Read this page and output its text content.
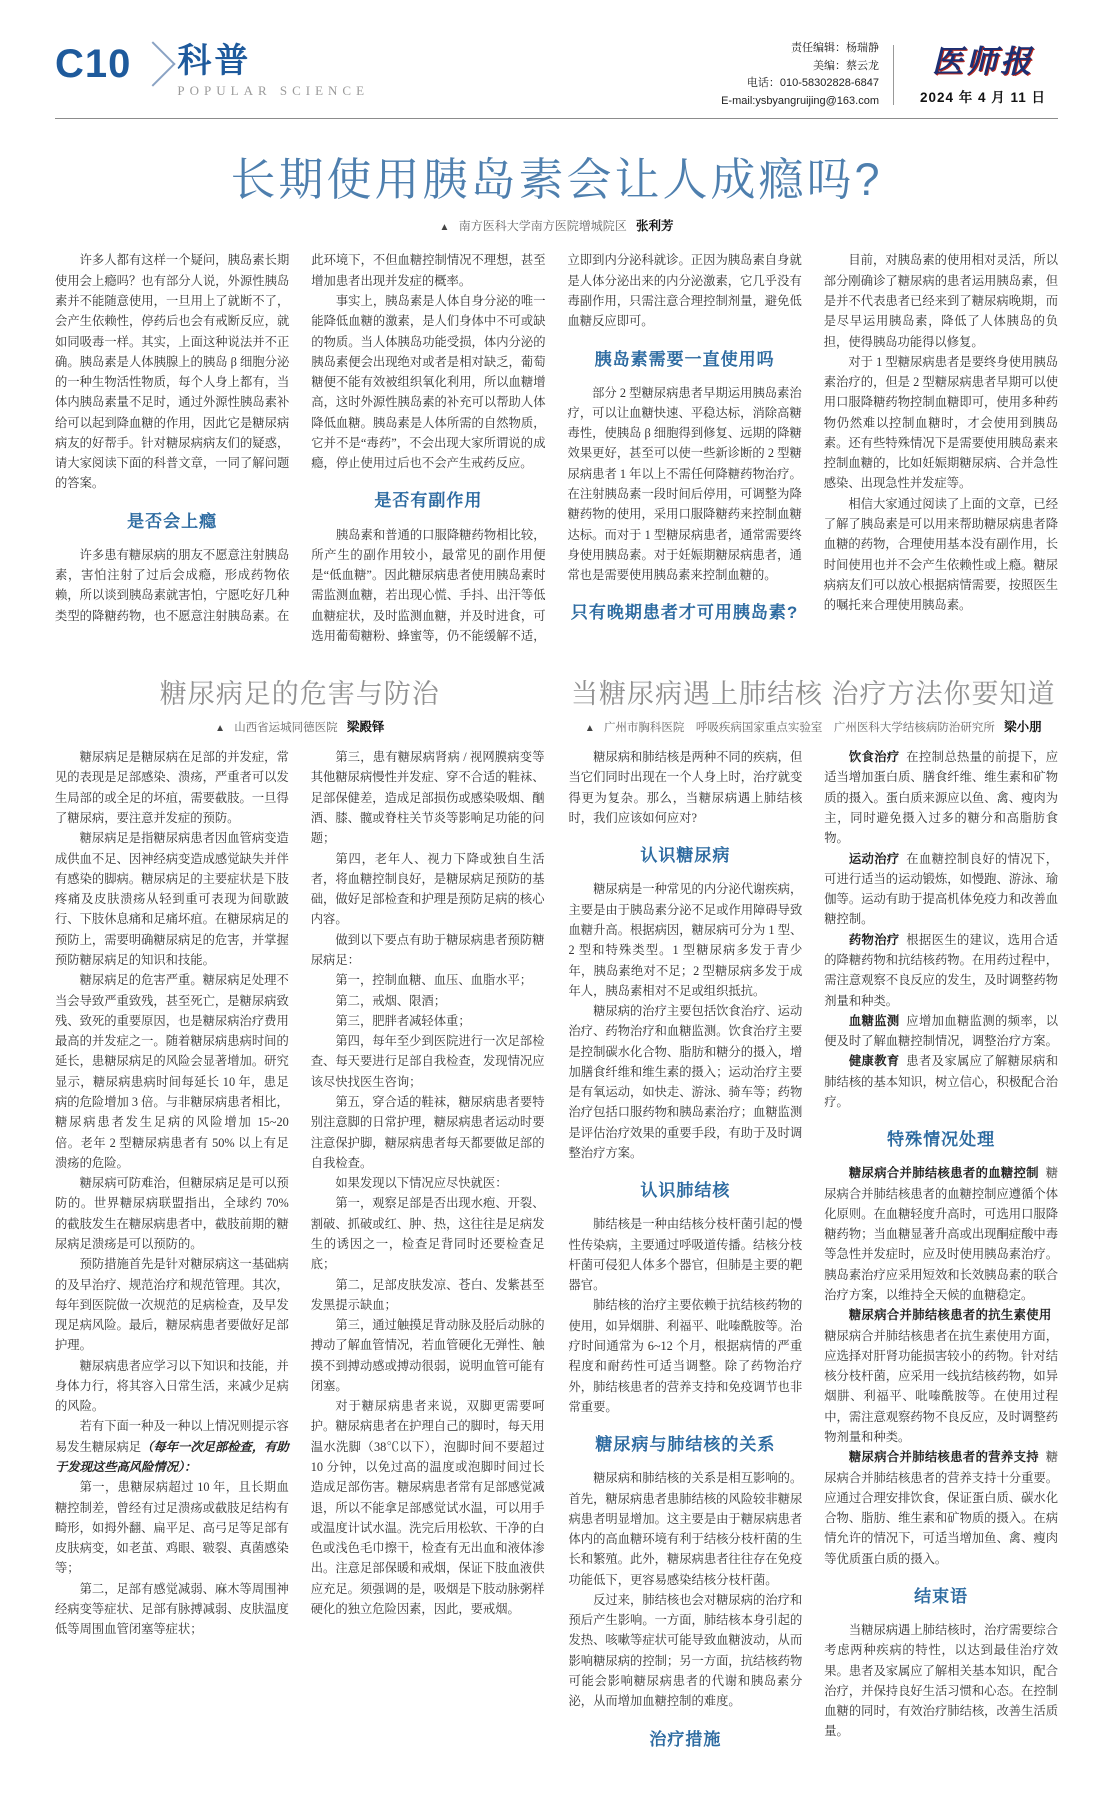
C10 科普
POPULAR SCIENCE
责任编辑：杨瑞静
美编：蔡云龙
电话：010-58302828-6847
E-mail:ysbyangruijing@163.com
医师报
2024 年 4 月 11 日
长期使用胰岛素会让人成瘾吗?
▲ 南方医科大学南方医院增城院区 张利芳

许多人都有这样一个疑问，胰岛素长期使用会上瘾吗？也有部分人说，外源性胰岛素并不能随意使用，一旦用上了就断不了，会产生依赖性，停药后也会有戒断反应，就如同吸毒一样。其实，上面这种说法并不正确。胰岛素是人体胰腺上的胰岛 β 细胞分泌的一种生物活性物质，每个人身上都有，当体内胰岛素量不足时，通过外源性胰岛素补给可以起到降血糖的作用，因此它是糖尿病病友的好帮手。针对糖尿病病友们的疑惑，请大家阅读下面的科普文章，一同了解问题的答案。

是否会上瘾

许多患有糖尿病的朋友不愿意注射胰岛素，害怕注射了过后会成瘾，形成药物依赖，所以谈到胰岛素就害怕，宁愿吃好几种类型的降糖药物，也不愿意注射胰岛素。在此环境下，不但血糖控制情况不理想，甚至增加患者出现并发症的概率。

事实上，胰岛素是人体自身分泌的唯一能降低血糖的激素，是人们身体中不可或缺的物质。当人体胰岛功能受损，体内分泌的胰岛素便会出现绝对或者是相对缺乏，葡萄糖便不能有效被组织氧化利用，所以血糖增高，这时外源性胰岛素的补充可以帮助人体降低血糖。胰岛素是人体所需的自然物质，它并不是“毒药”，不会出现大家所谓说的成瘾，停止使用过后也不会产生戒药反应。

是否有副作用

胰岛素和普通的口服降糖药物相比较，所产生的副作用较小，最常见的副作用便是“低血糖”。因此糖尿病患者使用胰岛素时需监测血糖，若出现心慌、手抖、出汗等低血糖症状，及时监测血糖，并及时进食，可选用葡萄糖粉、蜂蜜等，仍不能缓解不适，立即到内分泌科就诊。正因为胰岛素自身就是人体分泌出来的内分泌激素，它几乎没有毒副作用，只需注意合理控制剂量，避免低血糖反应即可。

胰岛素需要一直使用吗

部分 2 型糖尿病患者早期运用胰岛素治疗，可以让血糖快速、平稳达标，消除高糖毒性，使胰岛 β 细胞得到修复、远期的降糖效果更好，甚至可以使一些新诊断的 2 型糖尿病患者 1 年以上不需任何降糖药物治疗。在注射胰岛素一段时间后停用，可调整为降糖药物的使用，采用口服降糖药来控制血糖达标。而对于 1 型糖尿病患者，通常需要终身使用胰岛素。对于妊娠期糖尿病患者，通常也是需要使用胰岛素来控制血糖的。

只有晚期患者才可用胰岛素?

目前，对胰岛素的使用相对灵活，所以部分刚确诊了糖尿病的患者运用胰岛素，但是并不代表患者已经来到了糖尿病晚期，而是尽早运用胰岛素，降低了人体胰岛的负担，使得胰岛功能得以修复。

对于 1 型糖尿病患者是要终身使用胰岛素治疗的，但是 2 型糖尿病患者早期可以使用口服降糖药物控制血糖即可，使用多种药物仍然难以控制血糖时，才会使用到胰岛素。还有些特殊情况下是需要使用胰岛素来控制血糖的，比如妊娠期糖尿病、合并急性感染、出现急性并发症等。

相信大家通过阅读了上面的文章，已经了解了胰岛素是可以用来帮助糖尿病患者降血糖的药物，合理使用基本没有副作用，长时间使用也并不会产生依赖性或上瘾。糖尿病病友们可以放心根据病情需要，按照医生的嘱托来合理使用胰岛素。

糖尿病足的危害与防治
▲ 山西省运城同德医院 梁殿铎

糖尿病足是糖尿病在足部的并发症，常见的表现是足部感染、溃疡，严重者可以发生局部的或全足的坏疽，需要截肢。一旦得了糖尿病，要注意并发症的预防。

糖尿病足是指糖尿病患者因血管病变造成供血不足、因神经病变造成感觉缺失并伴有感染的脚病。糖尿病足的主要症状是下肢疼痛及皮肤溃疡从轻到重可表现为间歇跛行、下肢休息痛和足痛坏疽。在糖尿病足的预防上，需要明确糖尿病足的危害，并掌握预防糖尿病足的知识和技能。

糖尿病足的危害严重。糖尿病足处理不当会导致严重致残，甚至死亡，是糖尿病致残、致死的重要原因，也是糖尿病治疗费用最高的并发症之一。随着糖尿病患病时间的延长，患糖尿病足的风险会显著增加。研究显示，糖尿病患病时间每延长 10 年，患足病的危险增加 3 倍。与非糖尿病患者相比，糖尿病患者发生足病的风险增加 15~20 倍。老年 2 型糖尿病患者有 50% 以上有足溃疡的危险。

糖尿病可防难治，但糖尿病足是可以预防的。世界糖尿病联盟指出，全球约 70% 的截肢发生在糖尿病患者中，截肢前期的糖尿病足溃疡是可以预防的。

预防措施首先是针对糖尿病这一基础病的及早治疗、规范治疗和规范管理。其次，每年到医院做一次规范的足病检查，及早发现足病风险。最后，糖尿病患者要做好足部护理。

糖尿病患者应学习以下知识和技能，并身体力行，将其容入日常生活，来减少足病的风险。

若有下面一种及一种以上情况则提示容易发生糖尿病足（每年一次足部检查，有助于发现这些高风险情况）：

第一，患糖尿病超过 10 年，且长期血糖控制差，曾经有过足溃疡或截肢足结构有畸形，如拇外翻、扁平足、高弓足等足部有皮肤病变，如老茧、鸡眼、皲裂、真菌感染等；

第二，足部有感觉减弱、麻木等周围神经病变等症状、足部有脉搏减弱、皮肤温度低等周围血管闭塞等症状；

第三，患有糖尿病肾病 / 视网膜病变等其他糖尿病慢性并发症、穿不合适的鞋袜、足部保健差，造成足部损伤或感染吸烟、酗酒、膝、髋或脊柱关节炎等影响足功能的问题；

第四，老年人、视力下降或独自生活者，将血糖控制良好，是糖尿病足预防的基础，做好足部检查和护理是预防足病的核心内容。

做到以下要点有助于糖尿病患者预防糖尿病足：

第一，控制血糖、血压、血脂水平；

第二，戒烟、限酒；

第三，肥胖者减轻体重；

第四，每年至少到医院进行一次足部检查、每天要进行足部自我检查，发现情况应该尽快找医生咨询；

第五，穿合适的鞋袜，糖尿病患者要特别注意脚的日常护理，糖尿病患者运动时要注意保护脚，糖尿病患者每天都要做足部的自我检查。

如果发现以下情况应尽快就医：

第一，观察足部是否出现水疱、开裂、割破、抓破或红、肿、热，这往往是足病发生的诱因之一，检查足背同时还要检查足底；

第二，足部皮肤发凉、苍白、发紫甚至发黑提示缺血；

第三，通过触摸足背动脉及胫后动脉的搏动了解血管情况，若血管硬化无弹性、触摸不到搏动感或搏动很弱，说明血管可能有闭塞。

对于糖尿病患者来说，双脚更需要呵护。糖尿病患者在护理自己的脚时，每天用温水洗脚（38℃以下），泡脚时间不要超过 10 分钟，以免过高的温度或泡脚时间过长造成足部伤害。糖尿病患者常有足部感觉减退，所以不能拿足部感觉试水温，可以用手或温度计试水温。洗完后用松软、干净的白色或浅色毛巾擦干，检查有无出血和液体渗出。注意足部保暖和戒烟，保证下肢血液供应充足。须强调的是，吸烟是下肢动脉粥样硬化的独立危险因素，因此，要戒烟。

当糖尿病遇上肺结核 治疗方法你要知道
▲ 广州市胸科医院　呼吸疾病国家重点实验室　广州医科大学结核病防治研究所 梁小朋

糖尿病和肺结核是两种不同的疾病，但当它们同时出现在一个人身上时，治疗就变得更为复杂。那么，当糖尿病遇上肺结核时，我们应该如何应对?

认识糖尿病

糖尿病是一种常见的内分泌代谢疾病，主要是由于胰岛素分泌不足或作用障碍导致血糖升高。根据病因，糖尿病可分为 1 型、2 型和特殊类型。1 型糖尿病多发于青少年，胰岛素绝对不足；2 型糖尿病多发于成年人，胰岛素相对不足或组织抵抗。

糖尿病的治疗主要包括饮食治疗、运动治疗、药物治疗和血糖监测。饮食治疗主要是控制碳水化合物、脂肪和糖分的摄入，增加膳食纤维和维生素的摄入；运动治疗主要是有氧运动，如快走、游泳、骑车等；药物治疗包括口服药物和胰岛素治疗；血糖监测是评估治疗效果的重要手段，有助于及时调整治疗方案。

认识肺结核

肺结核是一种由结核分枝杆菌引起的慢性传染病，主要通过呼吸道传播。结核分枝杆菌可侵犯人体多个器官，但肺是主要的靶器官。

肺结核的治疗主要依赖于抗结核药物的使用，如异烟肼、利福平、吡嗪酰胺等。治疗时间通常为 6~12 个月，根据病情的严重程度和耐药性可适当调整。除了药物治疗外，肺结核患者的营养支持和免疫调节也非常重要。

糖尿病与肺结核的关系

糖尿病和肺结核的关系是相互影响的。首先，糖尿病患者患肺结核的风险较非糖尿病患者明显增加。这主要是由于糖尿病患者体内的高血糖环境有利于结核分枝杆菌的生长和繁殖。此外，糖尿病患者往往存在免疫功能低下，更容易感染结核分枝杆菌。

反过来，肺结核也会对糖尿病的治疗和预后产生影响。一方面，肺结核本身引起的发热、咳嗽等症状可能导致血糖波动，从而影响糖尿病的控制；另一方面，抗结核药物可能会影响糖尿病患者的代谢和胰岛素分泌，从而增加血糖控制的难度。

治疗措施

饮食治疗 在控制总热量的前提下，应适当增加蛋白质、膳食纤维、维生素和矿物质的摄入。蛋白质来源应以鱼、禽、瘦肉为主，同时避免摄入过多的糖分和高脂肪食物。

运动治疗 在血糖控制良好的情况下，可进行适当的运动锻炼，如慢跑、游泳、瑜伽等。运动有助于提高机体免疫力和改善血糖控制。

药物治疗 根据医生的建议，选用合适的降糖药物和抗结核药物。在用药过程中，需注意观察不良反应的发生，及时调整药物剂量和种类。

血糖监测 应增加血糖监测的频率，以便及时了解血糖控制情况，调整治疗方案。

健康教育 患者及家属应了解糖尿病和肺结核的基本知识，树立信心，积极配合治疗。

特殊情况处理

糖尿病合并肺结核患者的血糖控制 糖尿病合并肺结核患者的血糖控制应遵循个体化原则。在血糖轻度升高时，可选用口服降糖药物；当血糖显著升高或出现酮症酸中毒等急性并发症时，应及时使用胰岛素治疗。胰岛素治疗应采用短效和长效胰岛素的联合治疗方案，以维持全天候的血糖稳定。

糖尿病合并肺结核患者的抗生素使用糖尿病合并肺结核患者在抗生素使用方面，应选择对肝肾功能损害较小的药物。针对结核分枝杆菌，应采用一线抗结核药物，如异烟肼、利福平、吡嗪酰胺等。在使用过程中，需注意观察药物不良反应，及时调整药物剂量和种类。

糖尿病合并肺结核患者的营养支持 糖尿病合并肺结核患者的营养支持十分重要。应通过合理安排饮食，保证蛋白质、碳水化合物、脂肪、维生素和矿物质的摄入。在病情允许的情况下，可适当增加鱼、禽、瘦肉等优质蛋白质的摄入。

结束语

当糖尿病遇上肺结核时，治疗需要综合考虑两种疾病的特性，以达到最佳治疗效果。患者及家属应了解相关基本知识，配合治疗，并保持良好生活习惯和心态。在控制血糖的同时，有效治疗肺结核，改善生活质量。
